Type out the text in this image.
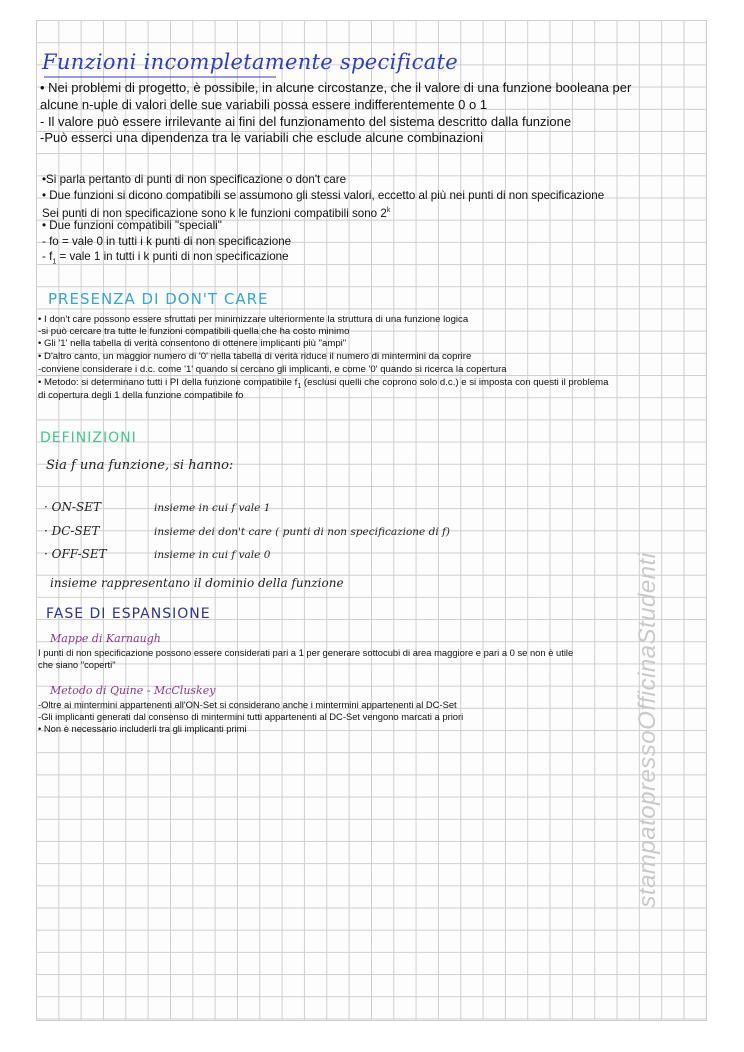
Funzioni incompletamente specificate
• Nei problemi di progetto, è possibile, in alcune circostanze, che il valore di una funzione booleana per
alcune n-uple di valori delle sue variabili possa essere indifferentemente 0 o 1
- Il valore può essere irrilevante ai fini del funzionamento del sistema descritto dalla funzione
-Può esserci una dipendenza tra le variabili che esclude alcune combinazioni
•Si parla pertanto di punti di non specificazione o don't care
• Due funzioni si dicono compatibili se assumono gli stessi valori, eccetto al più nei punti di non specificazione
Sei punti di non specificazione sono k le funzioni compatibili sono 2$^k$
• Due funzioni compatibili "speciali"
- fo = vale 0 in tutti i k punti di non specificazione
- $f_1$ = vale 1 in tutti i k punti di non specificazione
PRESENZA DI DON'T CARE
• I don't care possono essere sfruttati per minimizzare ulteriormente la struttura di una funzione logica
-si può cercare tra tutte le funzioni compatibili quella che ha costo minimo
• Gli '1' nella tabella di verità consentono di ottenere implicanti più "ampi"
• D'altro canto, un maggior numero di '0' nella tabella di verità riduce il numero di mintermini da coprire
-conviene considerare i d.c. come '1' quando si cercano gli implicanti, e come '0' quando si ricerca la copertura
• Metodo: si determinano tutti i PI della funzione compatibile $f_1$ (esclusi quelli che coprono solo d.c.) e si imposta con questi il problema
di copertura degli 1 della funzione compatibile fo
DEFINIZIONI
Sia f una funzione, si hanno:
· ON-SET	insieme in cui f vale 1
· DC-SET	insieme dei don't care ( punti di non specificazione di f)
· OFF-SET	insieme in cui f vale 0
insieme rappresentano il dominio della funzione
FASE DI ESPANSIONE
Mappe di Karnaugh
I punti di non specificazione possono essere considerati pari a 1 per generare sottocubi di area maggiore e pari a 0 se non è utile
che siano "coperti"
Metodo di Quine - McCluskey
-Oltre ai mintermini appartenenti all'ON-Set si considerano anche i mintermini appartenenti al DC-Set
-Gli implicanti generati dal consenso di mintermini tutti appartenenti al DC-Set vengono marcati a priori
• Non è necessario includerli tra gli implicanti primi	stampatopressoOfficinaStudenti
